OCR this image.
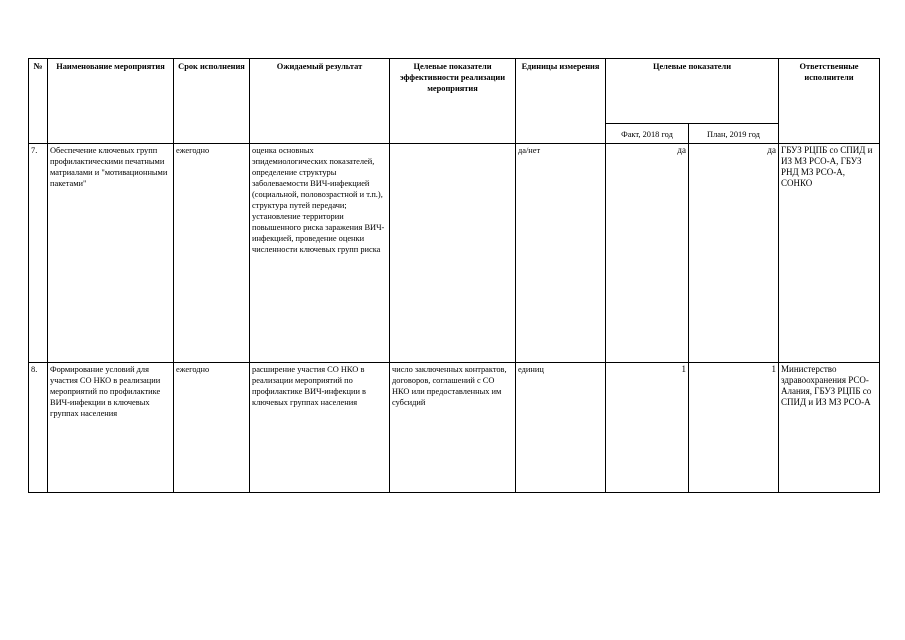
№	Наименование мероприятия	Срок исполнения	Ожидаемый результат	Целевые показатели эффективности реализации мероприятия	Единицы измерения	Целевые показатели		Ответственные исполнители
						Факт, 2018 год	План, 2019 год	
7.	Обеспечение ключевых групп профилактическими печатными матриалами и "мотивационными пакетами"	ежегодно	оценка основных эпидемиологических показателей, определение структуры заболеваемости ВИЧ-инфекцией (социальной, половозрастной и т.п.), структура путей передачи; установление территории повышенного риска заражения ВИЧ-инфекцией, проведение оценки численности ключевых групп риска		да/нет	да	да	ГБУЗ РЦПБ со СПИД и ИЗ МЗ РСО-А, ГБУЗ РНД МЗ РСО-А, СОНКО
8.	Формирование условий для участия СО НКО в реализации мероприятий по профилактике ВИЧ-инфекции в ключевых группах населения	ежегодно	расширение участия СО НКО в реализации мероприятий по профилактике ВИЧ-инфекции в ключевых группах населения	число заключенных контрактов, договоров, соглашений с СО НКО или предоставленных им субсидий	единиц	1	1	Министерство здравоохранения РСО-Алания, ГБУЗ РЦПБ со СПИД и ИЗ МЗ РСО-А
